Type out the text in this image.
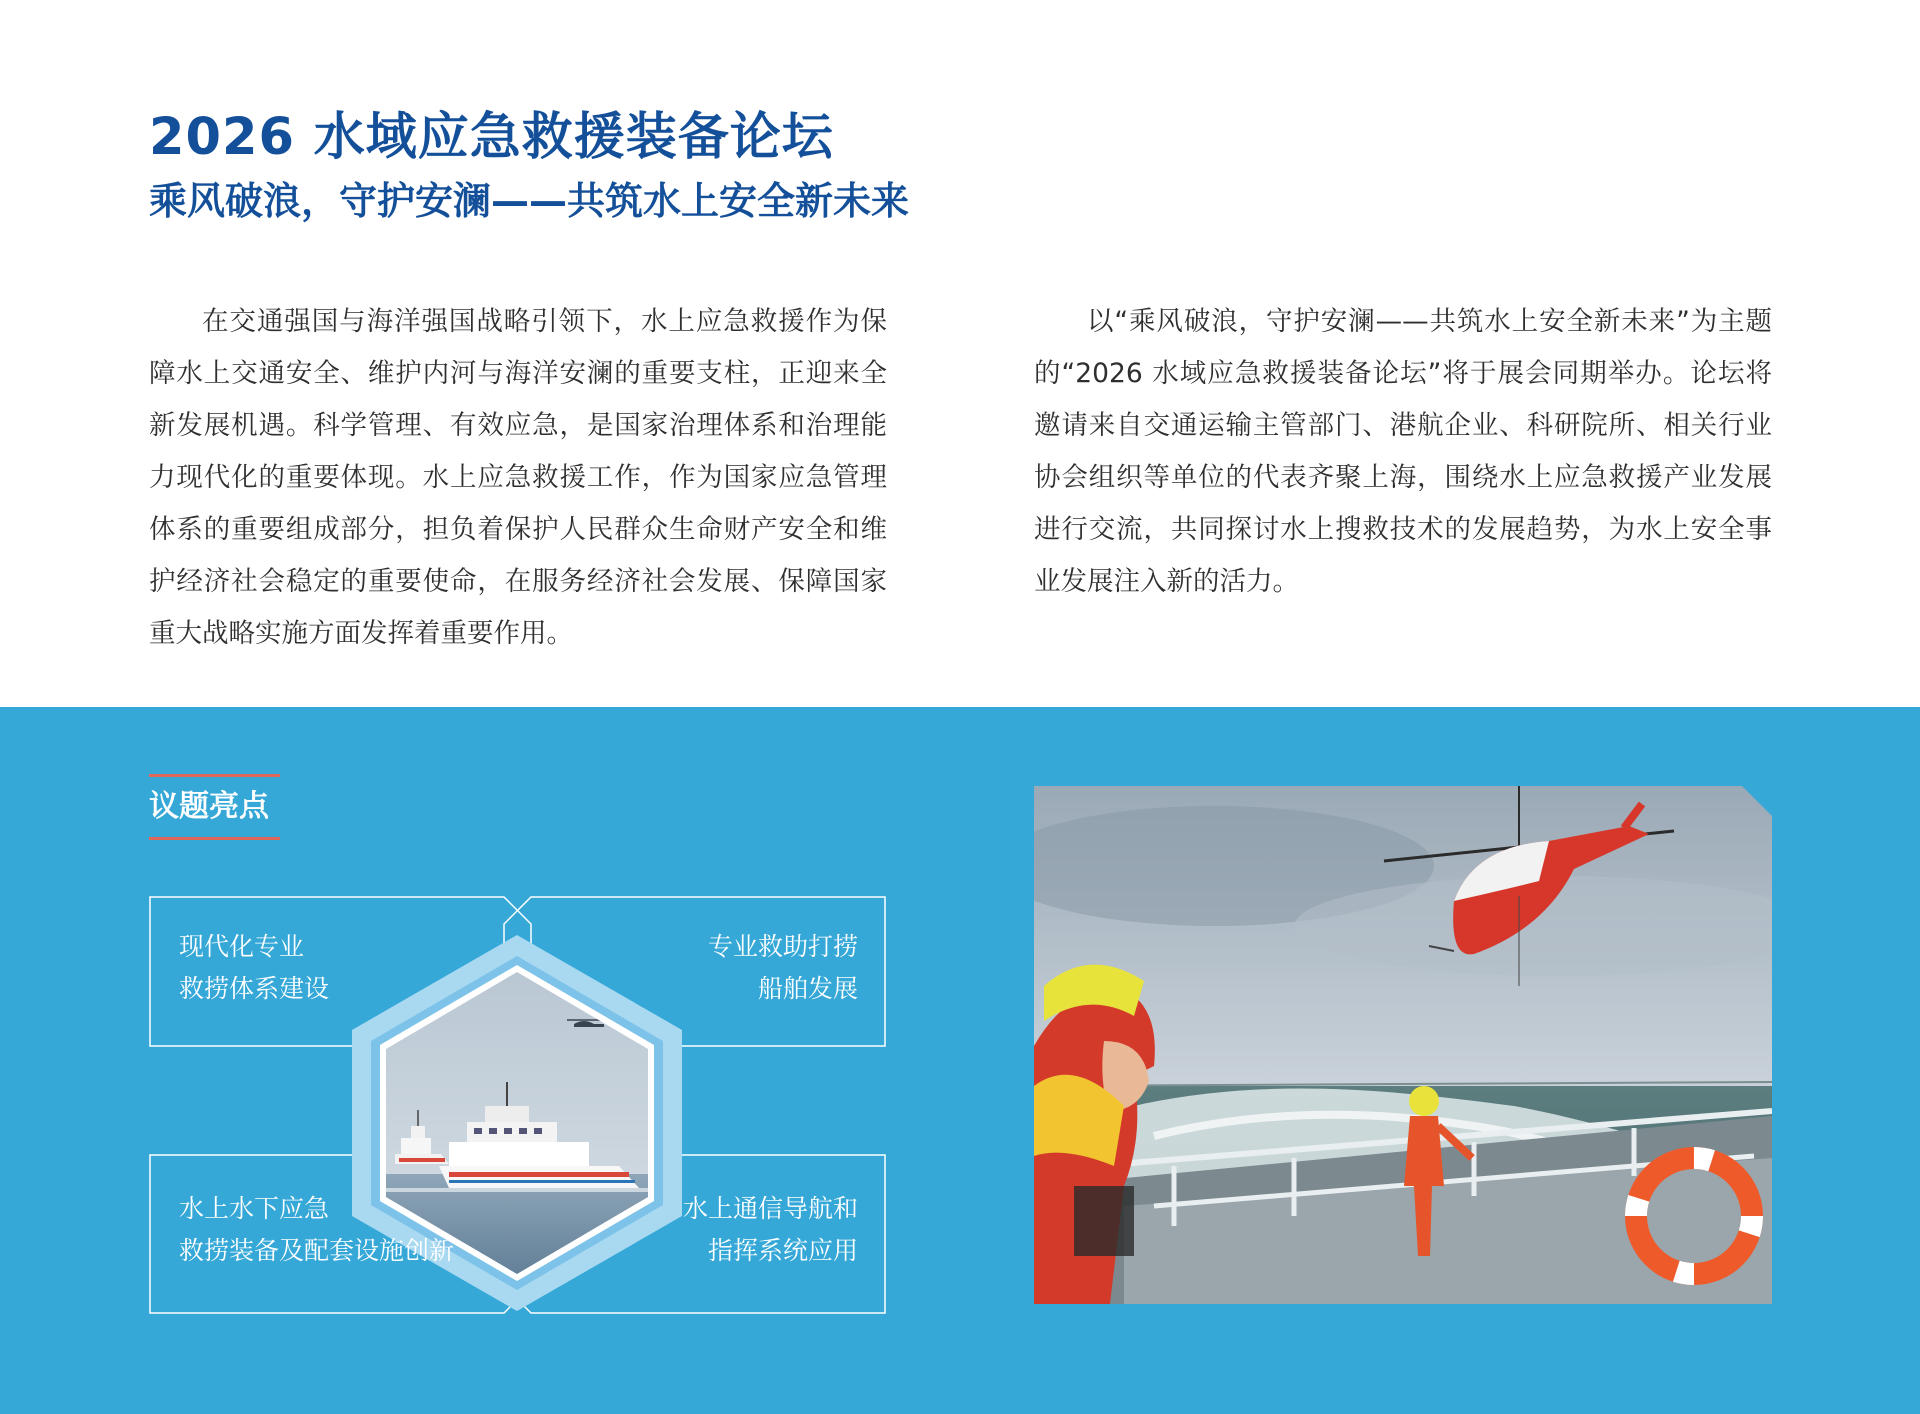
2026 水域应急救援装备论坛
乘风破浪，守护安澜——共筑水上安全新未来

在交通强国与海洋强国战略引领下，水上应急救援作为保障水上交通安全、维护内河与海洋安澜的重要支柱，正迎来全新发展机遇。科学管理、有效应急，是国家治理体系和治理能力现代化的重要体现。水上应急救援工作，作为国家应急管理体系的重要组成部分，担负着保护人民群众生命财产安全和维护经济社会稳定的重要使命，在服务经济社会发展、保障国家重大战略实施方面发挥着重要作用。

以“乘风破浪，守护安澜——共筑水上安全新未来”为主题的“2026 水域应急救援装备论坛”将于展会同期举办。论坛将邀请来自交通运输主管部门、港航企业、科研院所、相关行业协会组织等单位的代表齐聚上海，围绕水上应急救援产业发展进行交流，共同探讨水上搜救技术的发展趋势，为水上安全事业发展注入新的活力。

议题亮点
现代化专业
救捞体系建设
专业救助打捞
船舶发展
水上水下应急
救捞装备及配套设施创新
水上通信导航和
指挥系统应用
